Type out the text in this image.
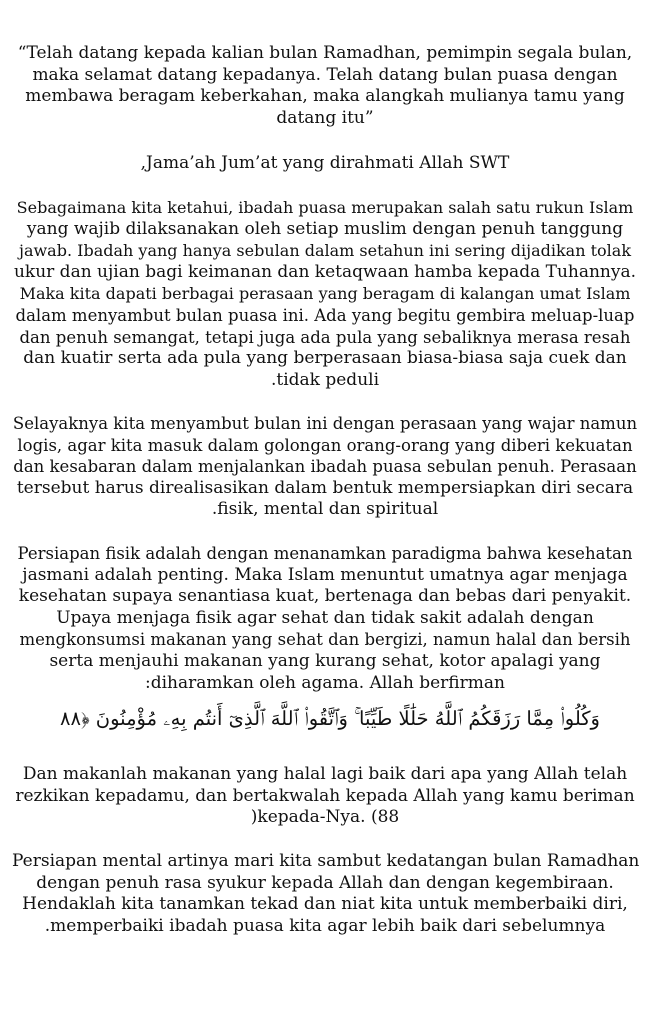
“Telah datang kepada kalian bulan Ramadhan, pemimpin segala bulan,
maka selamat datang kepadanya. Telah datang bulan puasa dengan
membawa beragam keberkahan, maka alangkah mulianya tamu yang
datang itu”
,Jama’ah Jum’at yang dirahmati Allah SWT
Sebagaimana kita ketahui, ibadah puasa merupakan salah satu rukun Islam
yang wajib dilaksanakan oleh setiap muslim dengan penuh tanggung
jawab. Ibadah yang hanya sebulan dalam setahun ini sering dijadikan tolak
ukur dan ujian bagi keimanan dan ketaqwaan hamba kepada Tuhannya.
Maka kita dapati berbagai perasaan yang beragam di kalangan umat Islam
dalam menyambut bulan puasa ini. Ada yang begitu gembira meluap-luap
dan penuh semangat, tetapi juga ada pula yang sebaliknya merasa resah
dan kuatir serta ada pula yang berperasaan biasa-biasa saja cuek dan
.tidak peduli
Selayaknya kita menyambut bulan ini dengan perasaan yang wajar namun
logis, agar kita masuk dalam golongan orang-orang yang diberi kekuatan
dan kesabaran dalam menjalankan ibadah puasa sebulan penuh. Perasaan
tersebut harus direalisasikan dalam bentuk mempersiapkan diri secara
.fisik, mental dan spiritual
Persiapan fisik adalah dengan menanamkan paradigma bahwa kesehatan
jasmani adalah penting. Maka Islam menuntut umatnya agar menjaga
kesehatan supaya senantiasa kuat, bertenaga dan bebas dari penyakit.
Upaya menjaga fisik agar sehat dan tidak sakit adalah dengan
mengkonsumsi makanan yang sehat dan bergizi, namun halal dan bersih
serta menjauhi makanan yang kurang sehat, kotor apalagi yang
:diharamkan oleh agama. Allah berfirman
وَكُلُوا۟ مِمَّا رَزَقَكُمُ ٱللَّهُ حَلَٰلًا طَيِّبًا ۚ وَٱتَّقُوا۟ ٱللَّهَ ٱلَّذِىٓ أَنتُم بِهِۦ مُؤْمِنُونَ ﴿٨٨
Dan makanlah makanan yang halal lagi baik dari apa yang Allah telah
rezkikan kepadamu, dan bertakwalah kepada Allah yang kamu beriman
)kepada-Nya. (88
Persiapan mental artinya mari kita sambut kedatangan bulan Ramadhan
dengan penuh rasa syukur kepada Allah dan dengan kegembiraan.
Hendaklah kita tanamkan tekad dan niat kita untuk memberbaiki diri,
.memperbaiki ibadah puasa kita agar lebih baik dari sebelumnya
